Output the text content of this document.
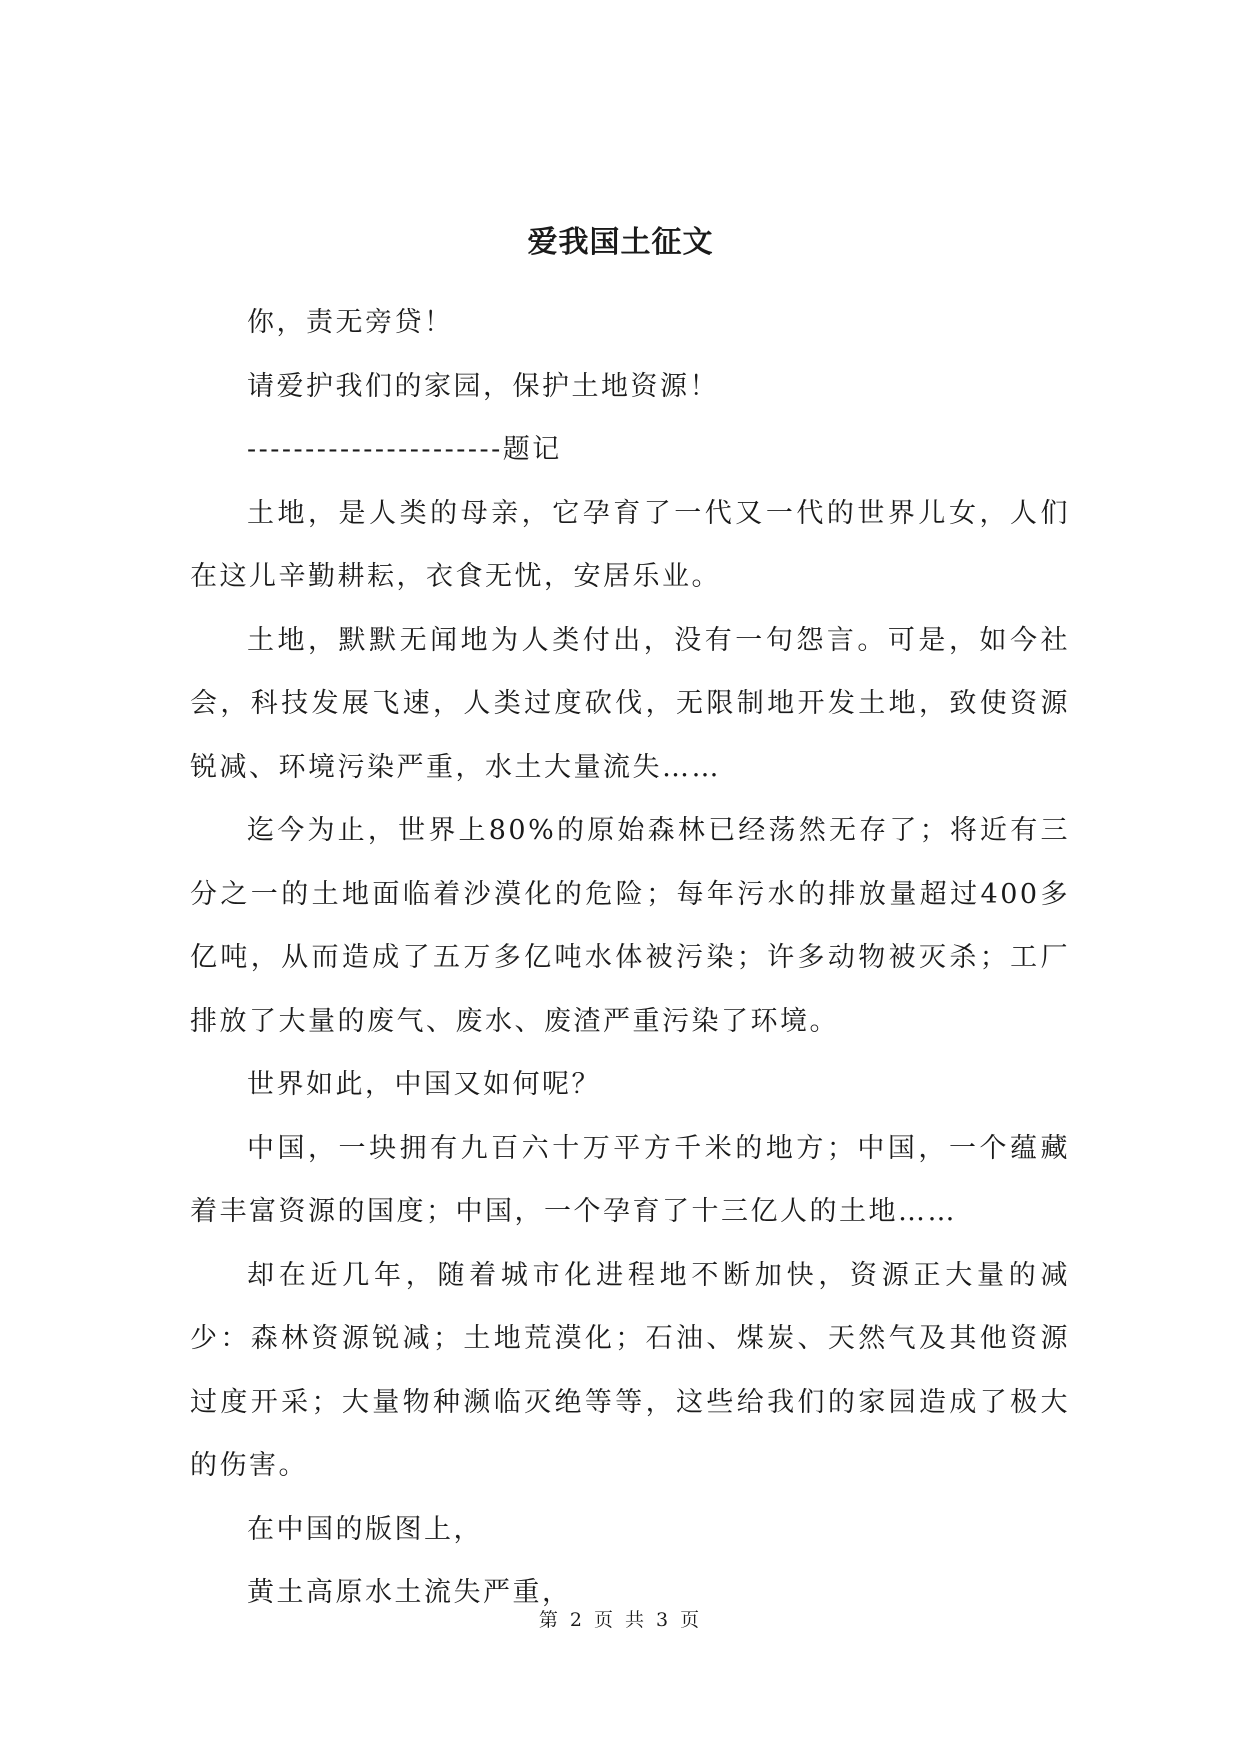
爱我国土征文

你，责无旁贷！

请爱护我们的家园，保护土地资源！

----------------------题记

土地，是人类的母亲，它孕育了一代又一代的世界儿女，人们在这儿辛勤耕耘，衣食无忧，安居乐业。

土地，默默无闻地为人类付出，没有一句怨言。可是，如今社会，科技发展飞速，人类过度砍伐，无限制地开发土地，致使资源锐减、环境污染严重，水土大量流失……

迄今为止，世界上80%的原始森林已经荡然无存了；将近有三分之一的土地面临着沙漠化的危险；每年污水的排放量超过400多亿吨，从而造成了五万多亿吨水体被污染；许多动物被灭杀；工厂排放了大量的废气、废水、废渣严重污染了环境。

世界如此，中国又如何呢？

中国，一块拥有九百六十万平方千米的地方；中国，一个蕴藏着丰富资源的国度；中国，一个孕育了十三亿人的土地……

却在近几年，随着城市化进程地不断加快，资源正大量的减少：森林资源锐减；土地荒漠化；石油、煤炭、天然气及其他资源过度开采；大量物种濒临灭绝等等，这些给我们的家园造成了极大的伤害。

在中国的版图上，

黄土高原水土流失严重，

第 2 页 共 3 页
